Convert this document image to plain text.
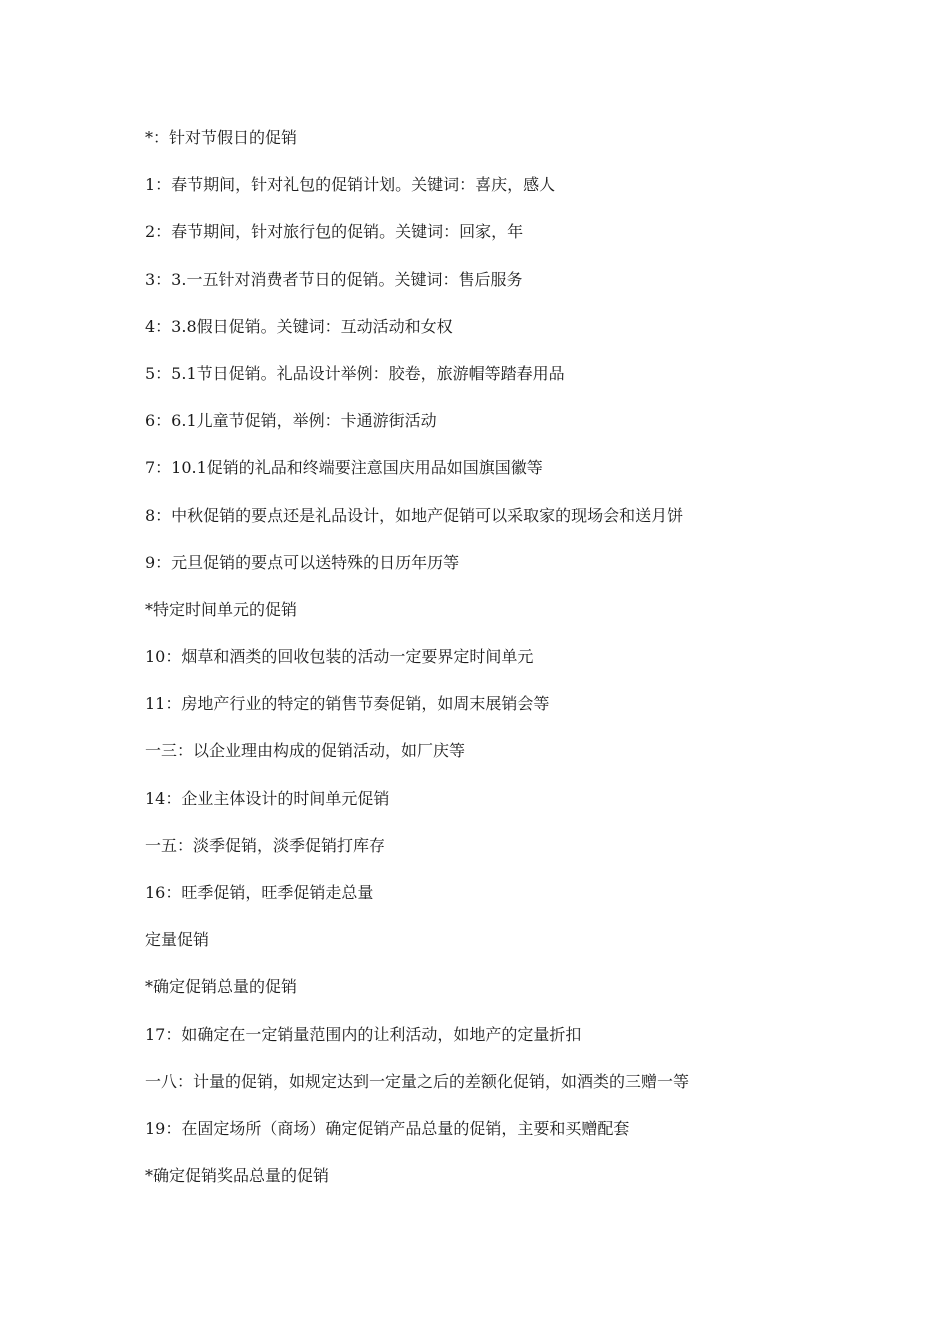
*：针对节假日的促销
1：春节期间，针对礼包的促销计划。关键词：喜庆，感人
2：春节期间，针对旅行包的促销。关键词：回家，年
3：3.一五针对消费者节日的促销。关键词：售后服务
4：3.8假日促销。关键词：互动活动和女权
5：5.1节日促销。礼品设计举例：胶卷，旅游帽等踏春用品
6：6.1儿童节促销，举例：卡通游街活动
7：10.1促销的礼品和终端要注意国庆用品如国旗国徽等
8：中秋促销的要点还是礼品设计，如地产促销可以采取家的现场会和送月饼
9：元旦促销的要点可以送特殊的日历年历等
*特定时间单元的促销
10：烟草和酒类的回收包装的活动一定要界定时间单元
11：房地产行业的特定的销售节奏促销，如周末展销会等
一三：以企业理由构成的促销活动，如厂庆等
14：企业主体设计的时间单元促销
一五：淡季促销，淡季促销打库存
16：旺季促销，旺季促销走总量
定量促销
*确定促销总量的促销
17：如确定在一定销量范围内的让利活动，如地产的定量折扣
一八：计量的促销，如规定达到一定量之后的差额化促销，如酒类的三赠一等
19：在固定场所（商场）确定促销产品总量的促销，主要和买赠配套
*确定促销奖品总量的促销
